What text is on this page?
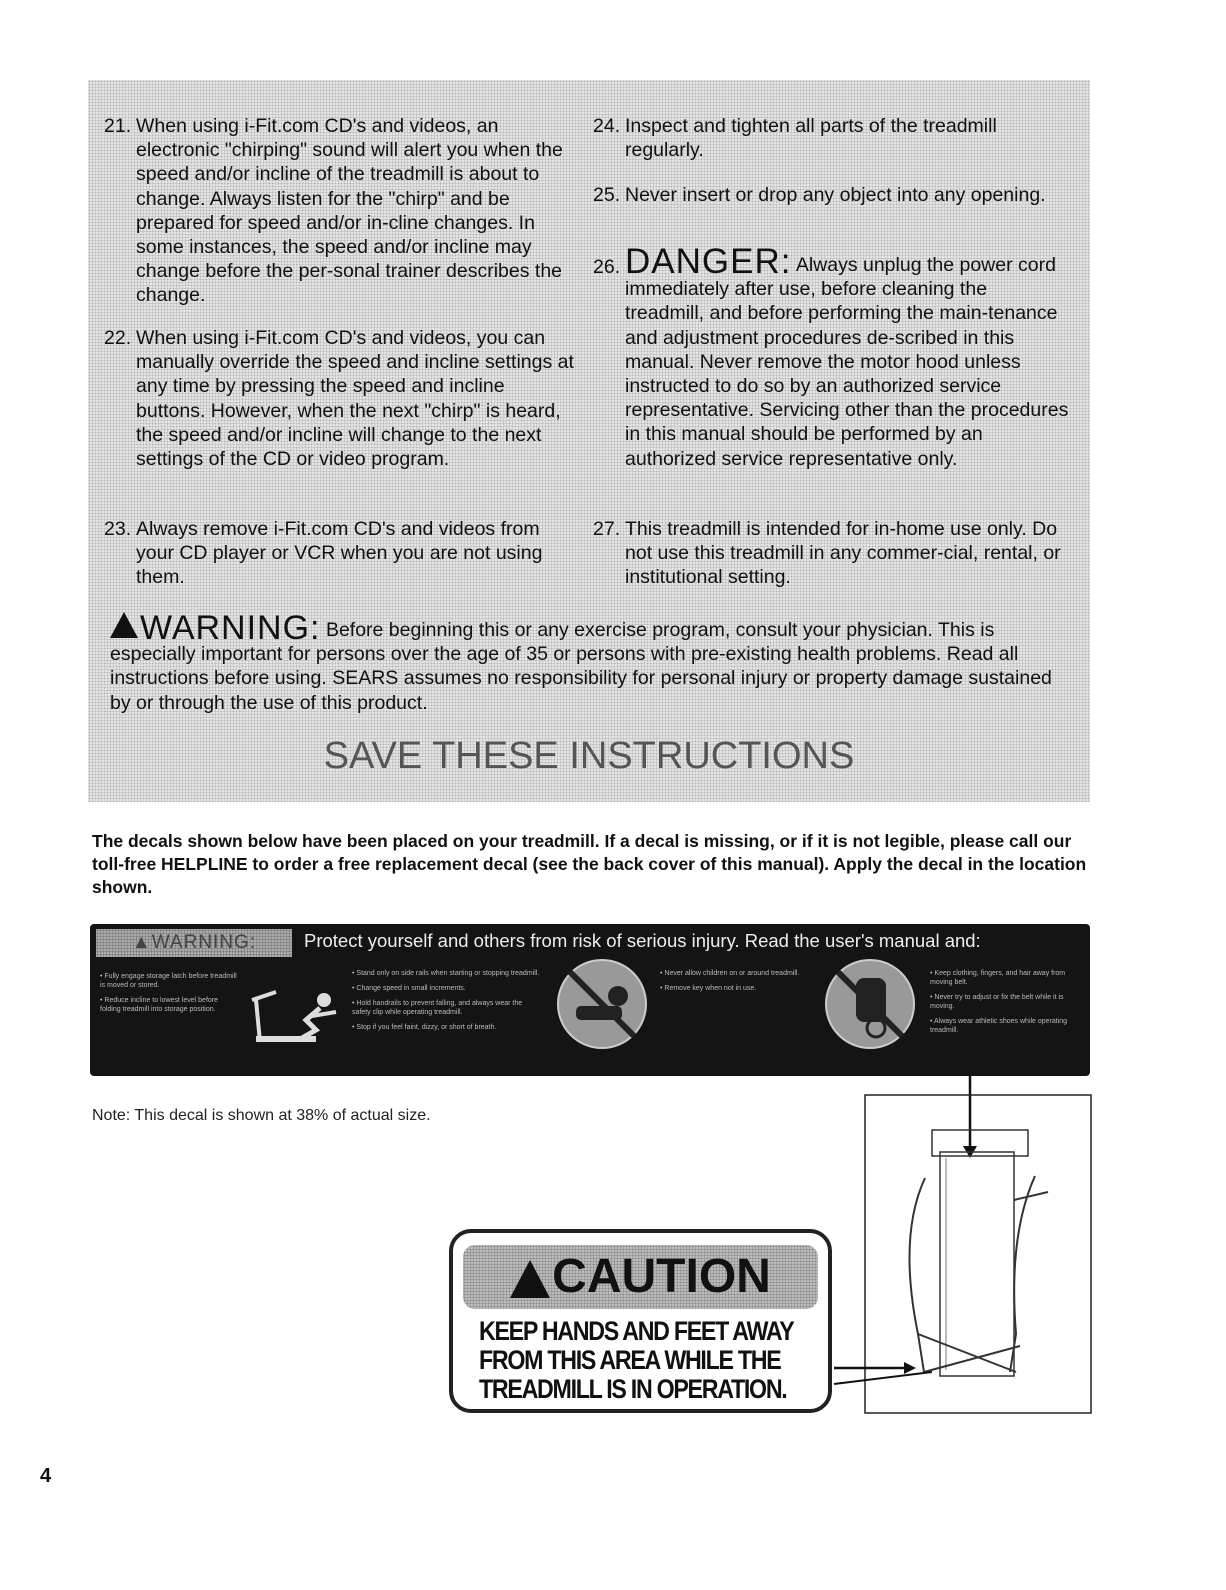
21. When using i-Fit.com CD's and videos, an electronic "chirping" sound will alert you when the speed and/or incline of the treadmill is about to change. Always listen for the "chirp" and be prepared for speed and/or in-cline changes. In some instances, the speed and/or incline may change before the per-sonal trainer describes the change.
22. When using i-Fit.com CD's and videos, you can manually override the speed and incline settings at any time by pressing the speed and incline buttons. However, when the next "chirp" is heard, the speed and/or incline will change to the next settings of the CD or video program.
23. Always remove i-Fit.com CD's and videos from your CD player or VCR when you are not using them.
24. Inspect and tighten all parts of the treadmill regularly.
25. Never insert or drop any object into any opening.
26. DANGER: Always unplug the power cord immediately after use, before cleaning the treadmill, and before performing the main-tenance and adjustment procedures de-scribed in this manual. Never remove the motor hood unless instructed to do so by an authorized service representative. Servicing other than the procedures in this manual should be performed by an authorized service representative only.
27. This treadmill is intended for in-home use only. Do not use this treadmill in any commer-cial, rental, or institutional setting.
WARNING: Before beginning this or any exercise program, consult your physician. This is especially important for persons over the age of 35 or persons with pre-existing health problems. Read all instructions before using. SEARS assumes no responsibility for personal injury or property damage sustained by or through the use of this product.
SAVE THESE INSTRUCTIONS
The decals shown below have been placed on your treadmill. If a decal is missing, or if it is not legible, please call our toll-free HELPLINE to order a free replacement decal (see the back cover of this manual). Apply the decal in the location shown.
▲WARNING:	Protect yourself and others from risk of serious injury. Read the user's manual and:
• Fully engage storage latch before treadmill is moved or stored.
• Reduce incline to lowest level before folding treadmill into storage position.
• Stand only on side rails when starting or stopping treadmill.
• Change speed in small increments.
• Hold handrails to prevent falling, and always wear the safety clip while operating treadmill.
• Stop if you feel faint, dizzy, or short of breath.
• Never allow children on or around treadmill.
• Remove key when not in use.
• Keep clothing, fingers, and hair away from moving belt.
• Never try to adjust or fix the belt while it is moving.
• Always wear athletic shoes while operating treadmill.
Note: This decal is shown at 38% of actual size.
CAUTION
KEEP HANDS AND FEET AWAY
FROM THIS AREA WHILE THE
TREADMILL IS IN OPERATION.
4
